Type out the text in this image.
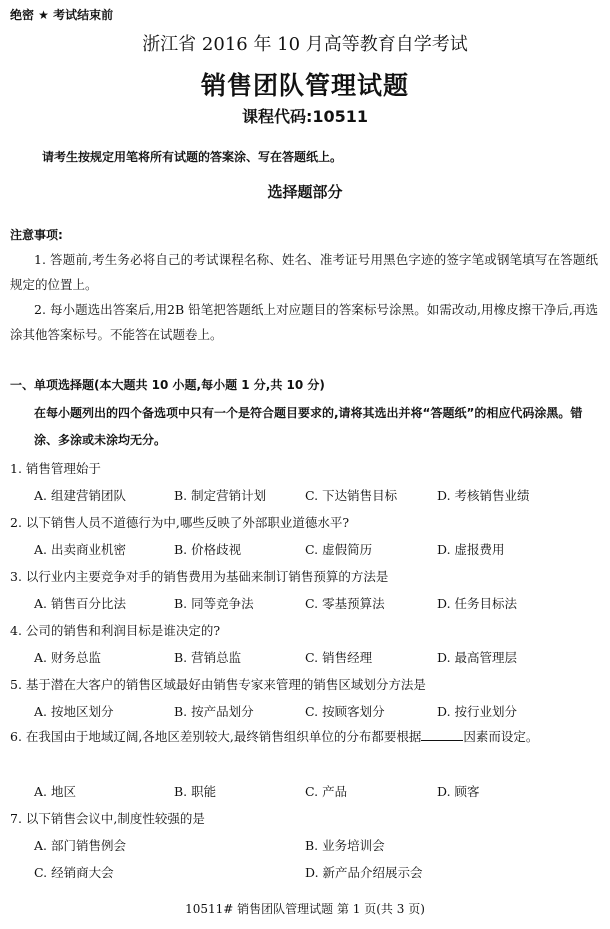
绝密 ★ 考试结束前
浙江省 2016 年 10 月高等教育自学考试
销售团队管理试题
课程代码:10511
请考生按规定用笔将所有试题的答案涂、写在答题纸上。
选择题部分
注意事项:
1. 答题前,考生务必将自己的考试课程名称、姓名、准考证号用黑色字迹的签字笔或钢笔填写在答题纸规定的位置上。
2. 每小题选出答案后,用2B 铅笔把答题纸上对应题目的答案标号涂黑。如需改动,用橡皮擦干净后,再选涂其他答案标号。不能答在试题卷上。
一、单项选择题(本大题共 10 小题,每小题 1 分,共 10 分)
在每小题列出的四个备选项中只有一个是符合题目要求的,请将其选出并将“答题纸”的相应代码涂黑。错涂、多涂或未涂均无分。
1. 销售管理始于
A. 组建营销团队	B. 制定营销计划	C. 下达销售目标	D. 考核销售业绩
2. 以下销售人员不道德行为中,哪些反映了外部职业道德水平?
A. 出卖商业机密	B. 价格歧视	C. 虚假简历	D. 虚报费用
3. 以行业内主要竞争对手的销售费用为基础来制订销售预算的方法是
A. 销售百分比法	B. 同等竞争法	C. 零基预算法	D. 任务目标法
4. 公司的销售和利润目标是谁决定的?
A. 财务总监	B. 营销总监	C. 销售经理	D. 最高管理层
5. 基于潜在大客户的销售区域最好由销售专家来管理的销售区域划分方法是
A. 按地区划分	B. 按产品划分	C. 按顾客划分	D. 按行业划分
6. 在我国由于地域辽阔,各地区差别较大,最终销售组织单位的分布都要根据	因素而设定。
A. 地区	B. 职能	C. 产品	D. 顾客
7. 以下销售会议中,制度性较强的是
A. 部门销售例会	B. 业务培训会
C. 经销商大会	D. 新产品介绍展示会
10511# 销售团队管理试题 第 1 页(共 3 页)
